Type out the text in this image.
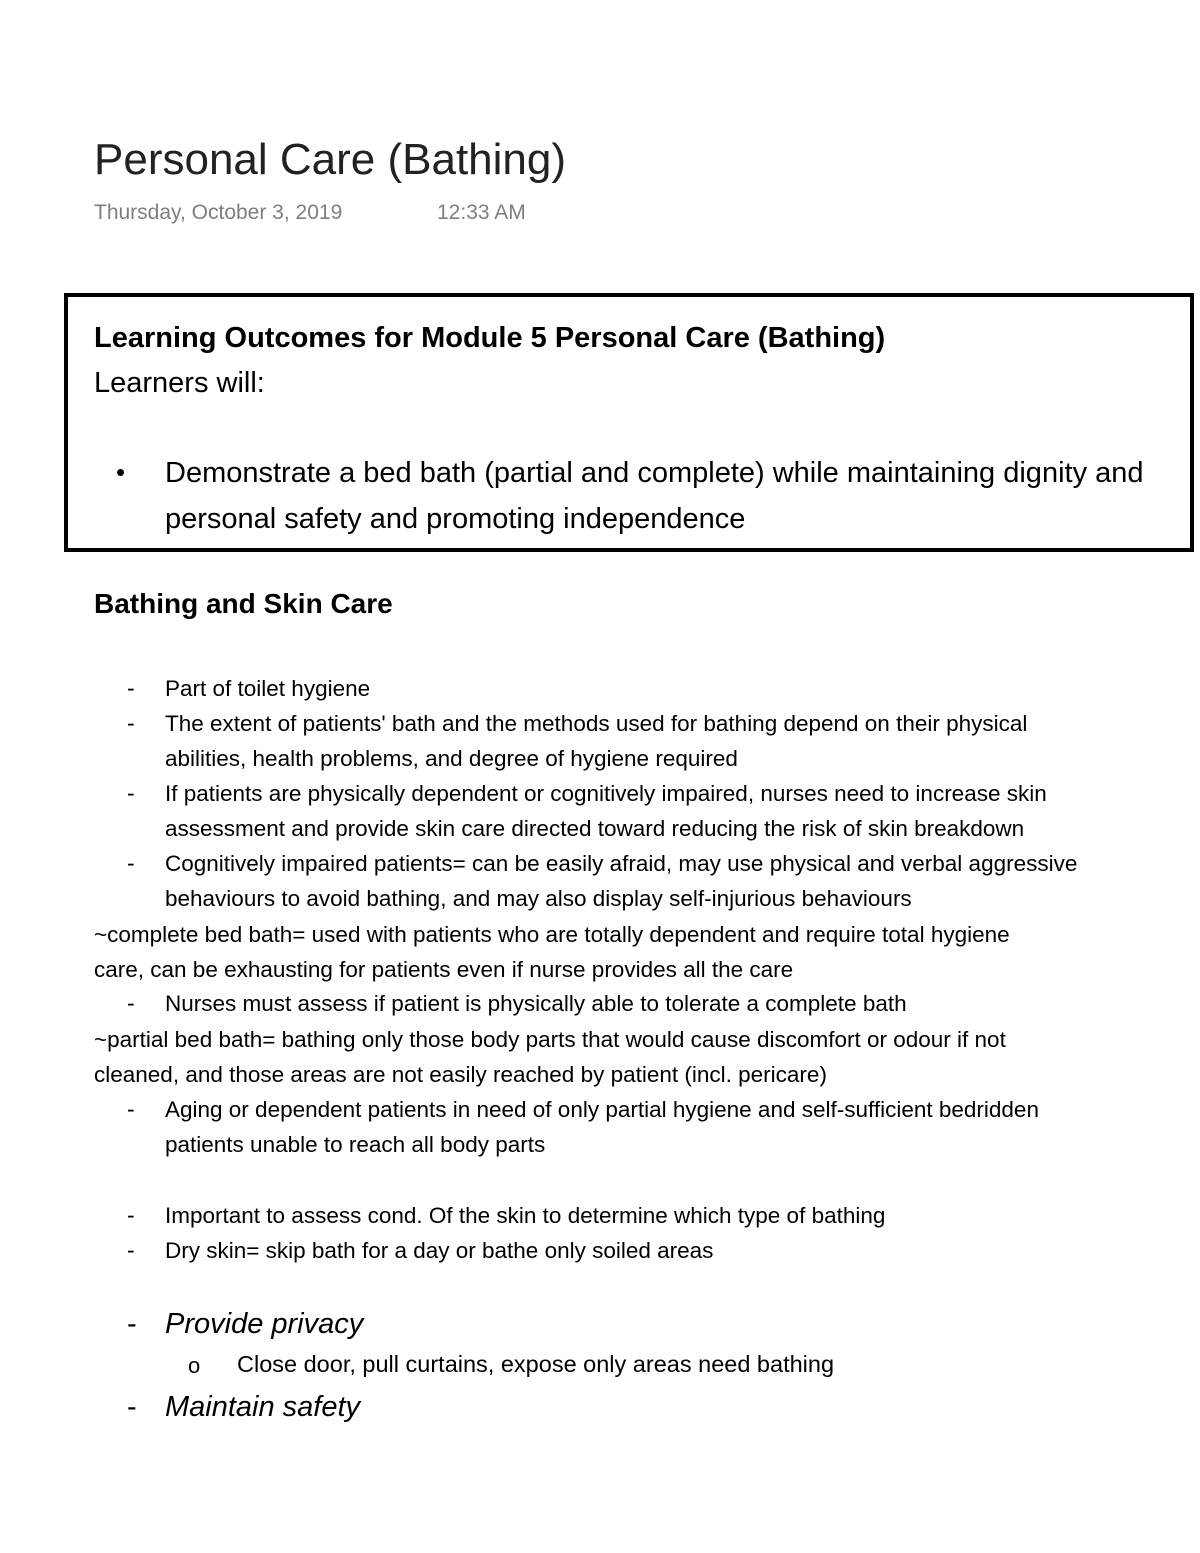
Personal Care (Bathing)
Thursday, October 3, 2019	12:33 AM
Learning Outcomes for Module 5 Personal Care (Bathing)
Learners will:
• Demonstrate a bed bath (partial and complete) while maintaining dignity and personal safety and promoting independence
Bathing and Skin Care
- Part of toilet hygiene
- The extent of patients' bath and the methods used for bathing depend on their physical
abilities, health problems, and degree of hygiene required
- If patients are physically dependent or cognitively impaired, nurses need to increase skin
assessment and provide skin care directed toward reducing the risk of skin breakdown
- Cognitively impaired patients= can be easily afraid, may use physical and verbal aggressive
behaviours to avoid bathing, and may also display self-injurious behaviours
~complete bed bath= used with patients who are totally dependent and require total hygiene
care, can be exhausting for patients even if nurse provides all the care
- Nurses must assess if patient is physically able to tolerate a complete bath
~partial bed bath= bathing only those body parts that would cause discomfort or odour if not
cleaned, and those areas are not easily reached by patient (incl. pericare)
- Aging or dependent patients in need of only partial hygiene and self-sufficient bedridden
patients unable to reach all body parts
- Important to assess cond. Of the skin to determine which type of bathing
- Dry skin= skip bath for a day or bathe only soiled areas
- Provide privacy
o Close door, pull curtains, expose only areas need bathing
- Maintain safety
